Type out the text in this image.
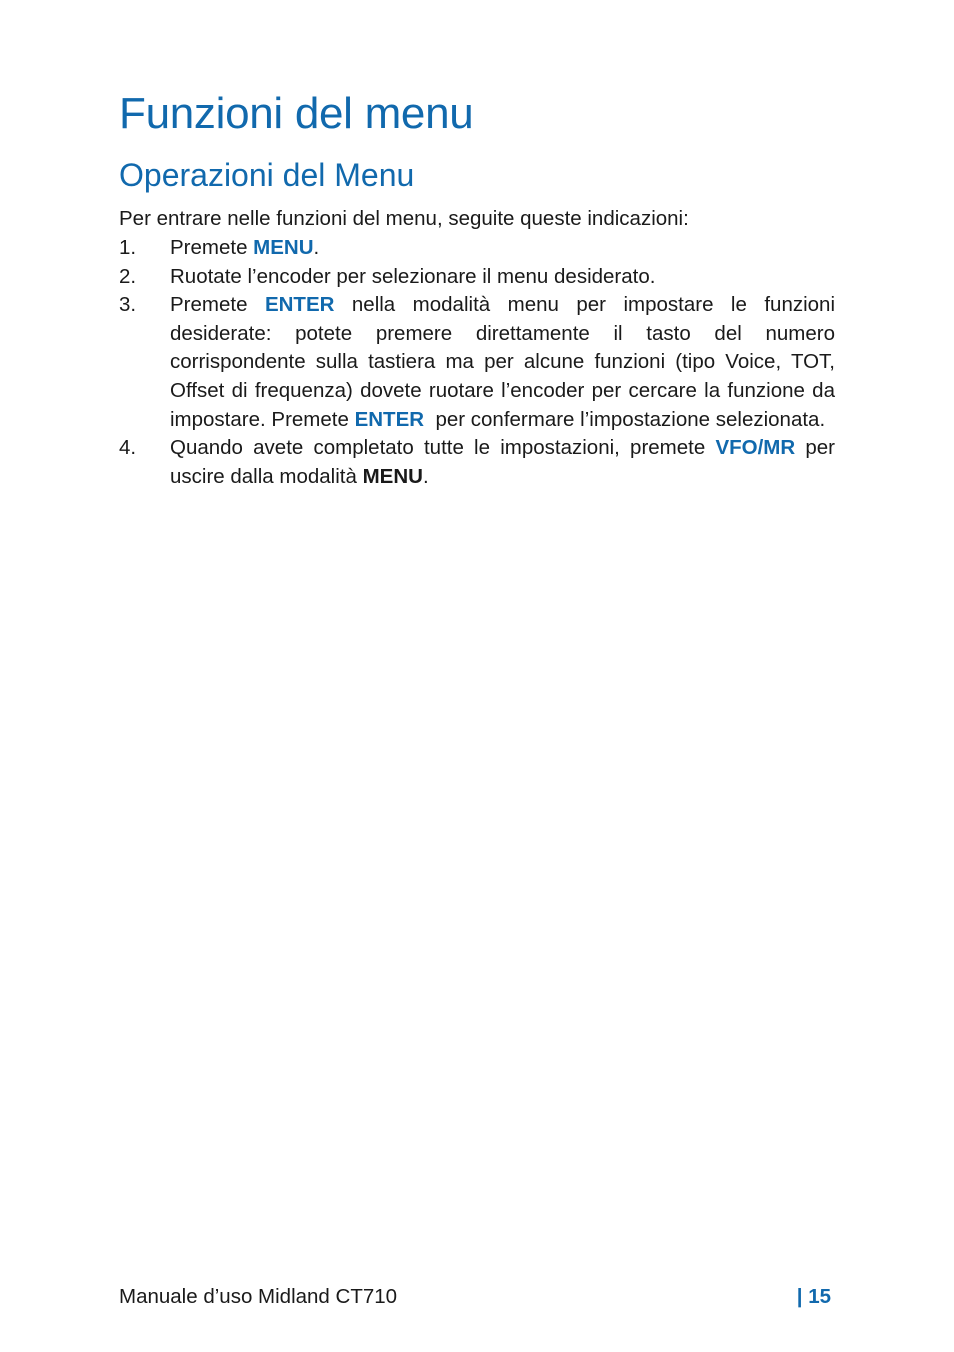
Funzioni del menu
Operazioni del Menu
Per entrare nelle funzioni del menu, seguite queste indicazioni:
1. Premete MENU.
2. Ruotate l’encoder per selezionare il menu desiderato.
3. Premete ENTER nella modalità menu per impostare le funzioni desiderate: potete premere direttamente il tasto del numero corrispondente sulla tastiera ma per alcune funzioni (tipo Voice, TOT, Offset di frequenza) dovete ruotare l’encoder per cercare la funzione da impostare. Premete ENTER  per confermare l’impostazione selezionata.
4. Quando avete completato tutte le impostazioni, premete VFO/MR per uscire dalla modalità MENU.
Manuale d’uso Midland CT710	| 15
